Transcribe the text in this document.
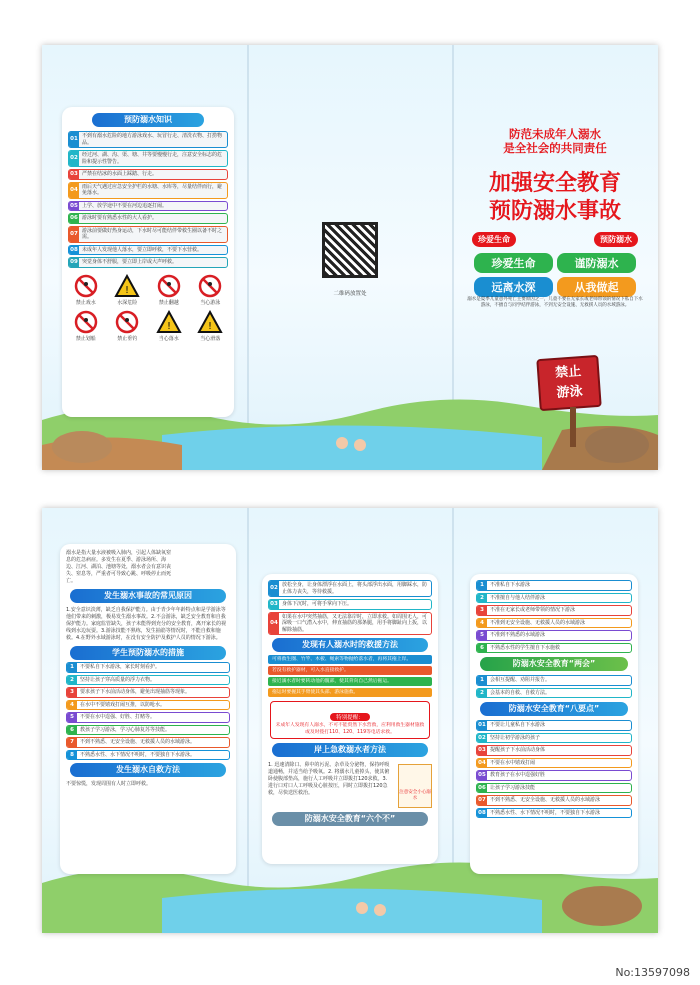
预防溺水知识
01
不到有溺水危险的地方游泳戏水、玩冒行走、清洗衣物、打捞物品。
02
经过河、湖、沟、渠、塘、井等要慢慢行走，注意安全标志的危险和提示性警告。
03 严禁在结冰的水面上踩踏、行走。
04
雨后天气遇过应急安全护栏的水塘、水库等，尽量结伴而行，避免落水。
05 上学、放学途中不要在河边追逐打闹。
06 游泳时要有熟悉水性的大人看护。
07
游泳前要做好热身运动，下水时尽可能结伴带救生圈以备不时之需。
08 未成年人发现他人落水，要立即呼救，不要下水营救。
09 突觉身体不舒服，要立即上岸或大声呼救。
禁止戏水
!
水深危险	禁止翻越	当心游泳
禁止划船	禁止垂钓
!
当心落水
!
当心滑落
二维码放置处
防范未成年人溺水
是全社会的共同责任
加强安全教育
预防溺水事故
珍爱生命	预防溺水
珍爱生命	谨防溺水
远离水深	从我做起
溺水是夏季儿童意外死亡主要原因之一，儿童不要在无家长或老师带领的情况下私自下水游泳，不擅自与同学结伴游泳，不到无安全设施、无救援人员的水域游泳。
禁止
游泳
溺水是指大量水液被吸入肺内，引起人体缺氧窒息的危急病症。多发生在夏季、游泳场所、海边、江河、湖泊、池塘等处，溺水者会有意识丧失、窒息等，严重者可导致心跳、呼吸停止而死亡。
发生溺水事故的常见原因
1.安全意识淡薄，缺乏自我保护能力。由于青少年年龄特点和是学游泳等他们带来的刺激，极易发生溺水事故。2.不会游泳，缺乏安全教育和自我保护能力。家庭监管缺失，孩子未能得到充分的安全教育，离开家长的视线到水边玩耍。3.游泳技能不熟练，发生抽筋等情况时，不能自救和施救。4.在野外水域游泳时，在没有安全防护及救护人员的情况下游泳。
学生预防溺水的措施
1	不要私自下水游泳，家长时刻看护。
2	坚持让孩子穿高质量的浮力衣物。
3	要求孩子下水前活动身体，避免出现抽筋等现象。
4	在水中不要嬉戏打闹互推，以防呛水。
5	不要在水中逞强、好胜、打赌等。
6	教孩子学习游泳，学习心肺复苏等技能。
7	不到不熟悉、无安全设施、无救援人员的水域游泳。
8	不熟悉水性、水下情况不明时，不要独自下水游泳。
发生溺水自救方法
不要惊慌，发现周围有人时立即呼救。
02
放松全身，让身体漂浮在水面上，将头部浮出水面，用脚踩水，防止体力丧失，等待救援。
03 身体下沉时，可将手掌向下压。
04
如果在水中突然抽筋，又无法靠岸时，立即求救。如周围无人，可深吸一口气潜入水中，伸直抽筋的那条腿，用手将脚趾向上扳，以解除抽筋。
发现有人溺水时的救援方法
可将救生圈、竹竿、木板、绳索等物抛给落水者，再将其拖上岸。
若没有救护器材，可入水直接救护。
接近溺水者时要转动他的髋部，使其背向自己然后拖运。
拖运时要握其手臂使其头部、游泳施救。
特别提醒：
未成年人发现有人溺水，不可不能贸然下水营救，应利用救生器材施救或及时拨打110、120、119等电话求救。
岸上急救溺水者方法
1. 迅速清除口、鼻中的污泥、杂草及分泌物，保持呼吸道通畅，并适当给予吸氧。2. 将溺水儿童掉头，使其俯卧使腹部垫高，施行人工呼吸并立即拨打120求救。3. 进行口对口人工呼吸及心脏按压，同时立即拨打120急救，尽快送医救治。	注意安全小心溺水
防溺水安全教育“六个不”
1	不准私自下水游泳
2	不准擅自与他人结伴游泳
3	不准在无家长或老师带领的情况下游泳
4	不准到无安全设施、无救援人员的水域游泳
5	不准到不熟悉的水域游泳
6	不熟悉水性的学生擅自下水施救
防溺水安全教育“两会”
1	会相互提醒、劝阻并报告。
2	会基本的自救、自救方法。
防溺水安全教育“八要点”
01 不要让儿童私自下水游泳
02 坚持让初学游泳的孩子
03 提醒孩子下水前活动身体
04 不要在水中嬉戏打闹
05 教育孩子在水中逞强好胜
06 让孩子学习游泳技能
07 不到不熟悉、无安全设施、无救援人员的水域游泳
08 不熟悉水性、水下情况不明时，不要独自下水游泳
No:13597098
